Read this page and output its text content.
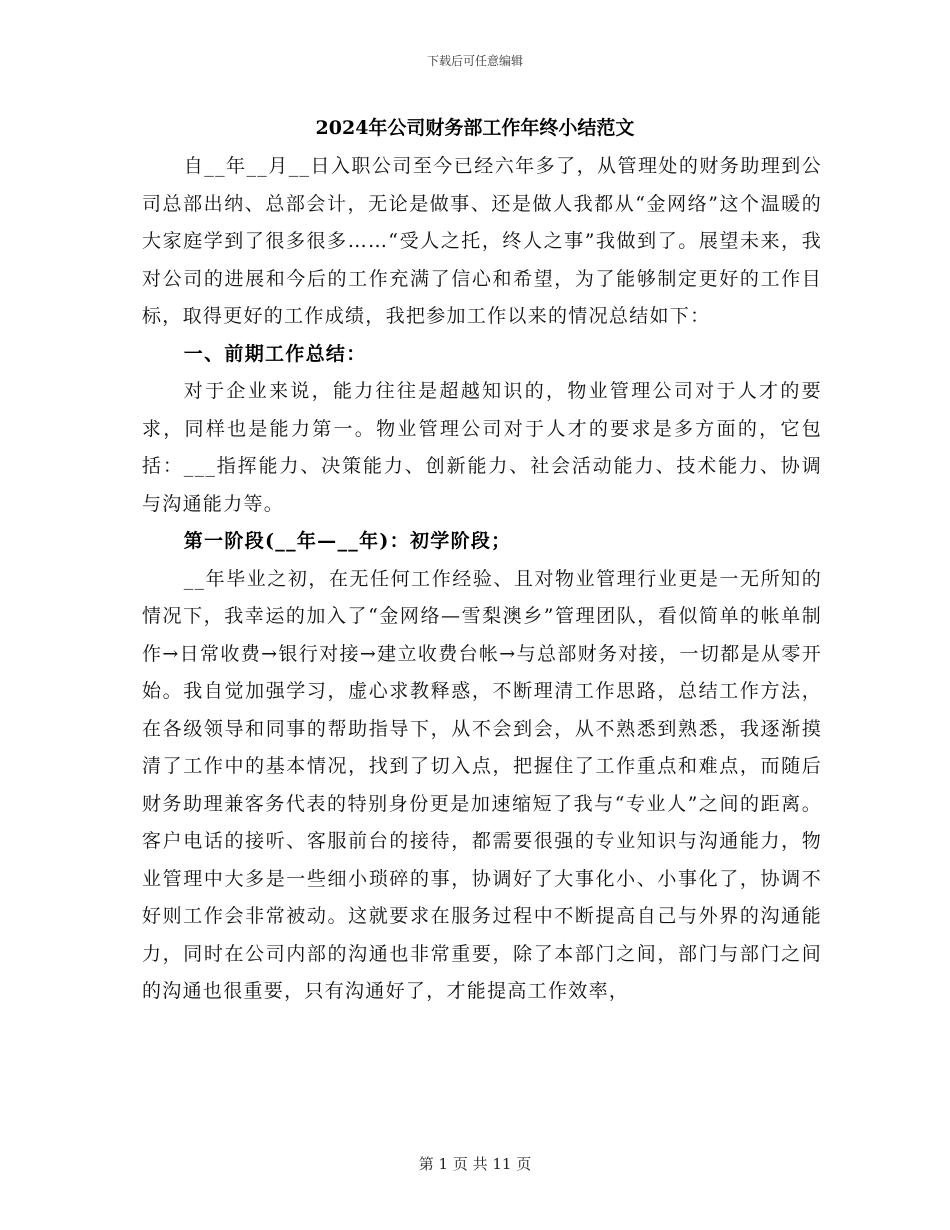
下载后可任意编辑
2024年公司财务部工作年终小结范文

自__年__月__日入职公司至今已经六年多了，从管理处的财务助理到公司总部出纳、总部会计，无论是做事、还是做人我都从“金网络”这个温暖的大家庭学到了很多很多……“受人之托，终人之事”我做到了。展望未来，我对公司的进展和今后的工作充满了信心和希望，为了能够制定更好的工作目标，取得更好的工作成绩，我把参加工作以来的情况总结如下：

一、前期工作总结：

对于企业来说，能力往往是超越知识的，物业管理公司对于人才的要求，同样也是能力第一。物业管理公司对于人才的要求是多方面的，它包括：___指挥能力、决策能力、创新能力、社会活动能力、技术能力、协调与沟通能力等。

第一阶段(__年—__年)：初学阶段；

__年毕业之初，在无任何工作经验、且对物业管理行业更是一无所知的情况下，我幸运的加入了“金网络—雪梨澳乡”管理团队，看似简单的帐单制作→日常收费→银行对接→建立收费台帐→与总部财务对接，一切都是从零开始。我自觉加强学习，虚心求教释惑，不断理清工作思路，总结工作方法，在各级领导和同事的帮助指导下，从不会到会，从不熟悉到熟悉，我逐渐摸清了工作中的基本情况，找到了切入点，把握住了工作重点和难点，而随后财务助理兼客务代表的特别身份更是加速缩短了我与“专业人”之间的距离。客户电话的接听、客服前台的接待，都需要很强的专业知识与沟通能力，物业管理中大多是一些细小琐碎的事，协调好了大事化小、小事化了，协调不好则工作会非常被动。这就要求在服务过程中不断提高自己与外界的沟通能力，同时在公司内部的沟通也非常重要，除了本部门之间，部门与部门之间的沟通也很重要，只有沟通好了，才能提高工作效率，

第 1 页 共 11 页
